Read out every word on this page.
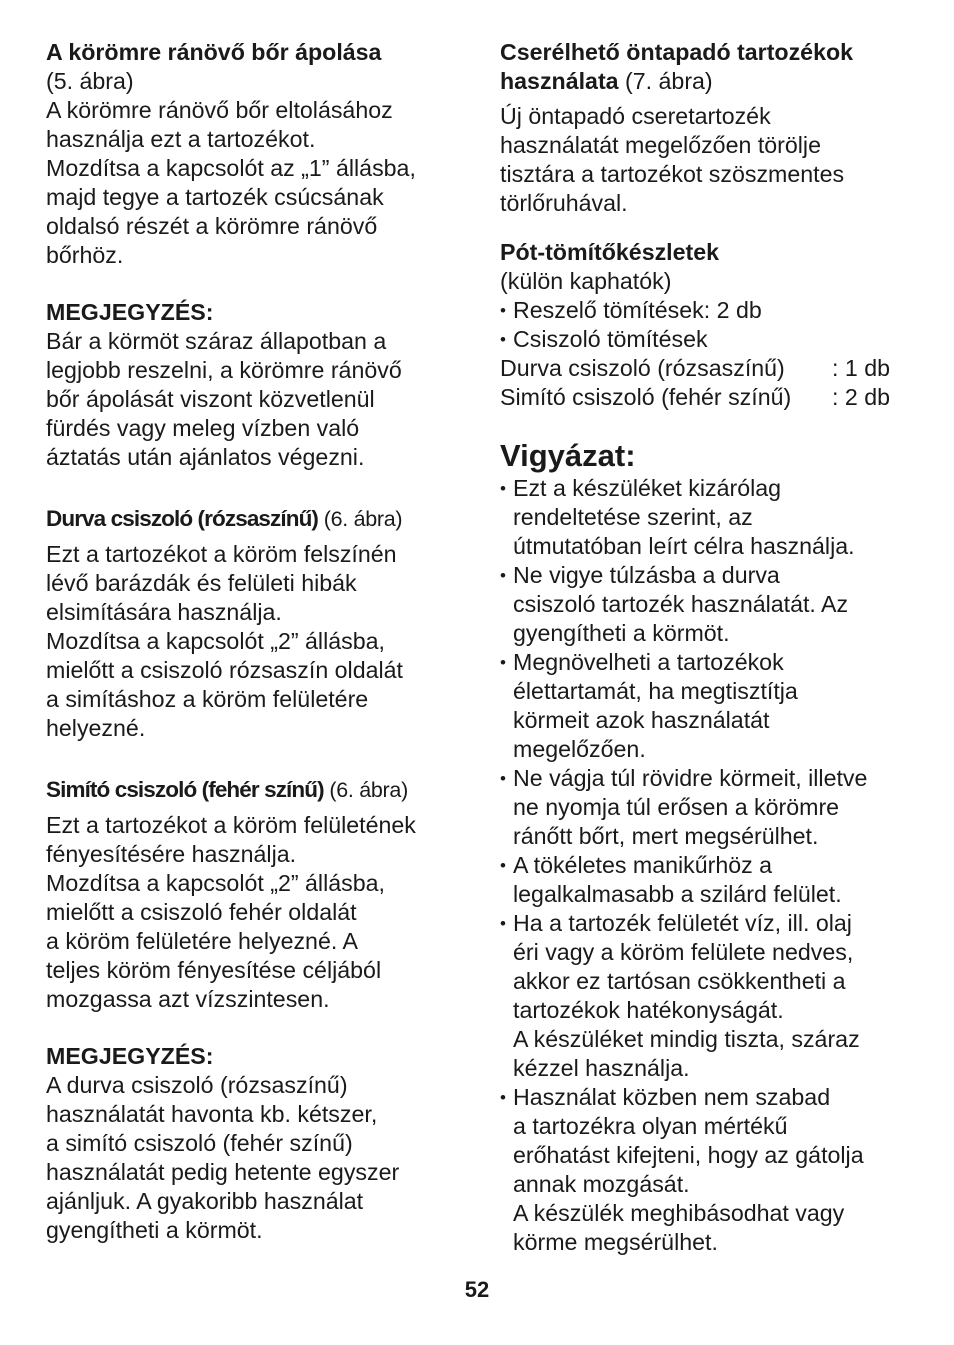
A körömre ránövő bőr ápolása
(5. ábra)
A körömre ránövő bőr eltolásához
használja ezt a tartozékot.
Mozdítsa a kapcsolót az „1” állásba,
majd tegye a tartozék csúcsának
oldalsó részét a körömre ránövő
bőrhöz.
MEGJEGYZÉS:
Bár a körmöt száraz állapotban a
legjobb reszelni, a körömre ránövő
bőr ápolását viszont közvetlenül
fürdés vagy meleg vízben való
áztatás után ajánlatos végezni.
Durva csiszoló (rózsaszínű) (6. ábra)
Ezt a tartozékot a köröm felszínén
lévő barázdák és felületi hibák
elsimítására használja.
Mozdítsa a kapcsolót „2” állásba,
mielőtt a csiszoló rózsaszín oldalát
a simításhoz a köröm felületére
helyezné.
Simító csiszoló (fehér színű) (6. ábra)
Ezt a tartozékot a köröm felületének
fényesítésére használja.
Mozdítsa a kapcsolót „2” állásba,
mielőtt a csiszoló fehér oldalát
a köröm felületére helyezné. A
teljes köröm fényesítése céljából
mozgassa azt vízszintesen.
MEGJEGYZÉS:
A durva csiszoló (rózsaszínű)
használatát havonta kb. kétszer,
a simító csiszoló (fehér színű)
használatát pedig hetente egyszer
ajánljuk. A gyakoribb használat
gyengítheti a körmöt.
Cserélhető öntapadó tartozékok
használata (7. ábra)
Új öntapadó cseretartozék
használatát megelőzően törölje
tisztára a tartozékot szöszmentes
törlőruhával.
Pót-tömítőkészletek
(külön kaphatók)
• Reszelő tömítések: 2 db
• Csiszoló tömítések
Durva csiszoló (rózsaszínű)	: 1 db
Simító csiszoló (fehér színű)	: 2 db

Vigyázat:

• Ezt a készüléket kizárólag
rendeltetése szerint, az
útmutatóban leírt célra használja.
• Ne vigye túlzásba a durva
csiszoló tartozék használatát. Az
gyengítheti a körmöt.
• Megnövelheti a tartozékok
élettartamát, ha megtisztítja
körmeit azok használatát
megelőzően.
• Ne vágja túl rövidre körmeit, illetve
ne nyomja túl erősen a körömre
ránőtt bőrt, mert megsérülhet.
• A tökéletes manikűrhöz a
legalkalmasabb a szilárd felület.
• Ha a tartozék felületét víz, ill. olaj
éri vagy a köröm felülete nedves,
akkor ez tartósan csökkentheti a
tartozékok hatékonyságát.
A készüléket mindig tiszta, száraz
kézzel használja.
• Használat közben nem szabad
a tartozékra olyan mértékű
erőhatást kifejteni, hogy az gátolja
annak mozgását.
A készülék meghibásodhat vagy
körme megsérülhet.
52
